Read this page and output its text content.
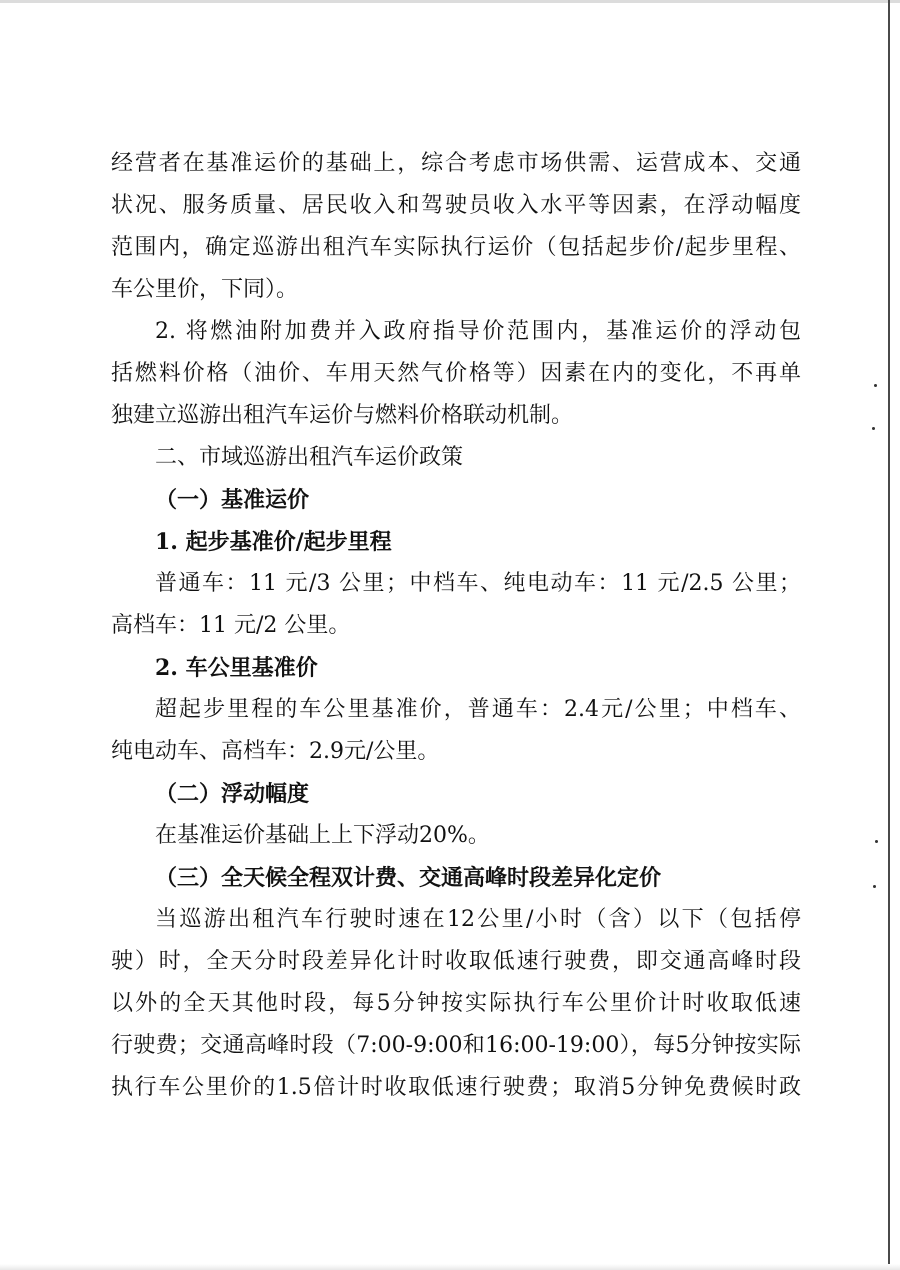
经营者在基准运价的基础上，综合考虑市场供需、运营成本、交通
状况、服务质量、居民收入和驾驶员收入水平等因素，在浮动幅度
范围内，确定巡游出租汽车实际执行运价（包括起步价/起步里程、
车公里价，下同）。
2. 将燃油附加费并入政府指导价范围内，基准运价的浮动包
括燃料价格（油价、车用天然气价格等）因素在内的变化，不再单
独建立巡游出租汽车运价与燃料价格联动机制。
二、市域巡游出租汽车运价政策
（一）基准运价
1. 起步基准价/起步里程
普通车：11 元/3 公里；中档车、纯电动车：11 元/2.5 公里；
高档车：11 元/2 公里。
2. 车公里基准价
超起步里程的车公里基准价，普通车：2.4元/公里；中档车、
纯电动车、高档车：2.9元/公里。
（二）浮动幅度
在基准运价基础上上下浮动20%。
（三）全天候全程双计费、交通高峰时段差异化定价
当巡游出租汽车行驶时速在12公里/小时（含）以下（包括停
驶）时，全天分时段差异化计时收取低速行驶费，即交通高峰时段
以外的全天其他时段，每5分钟按实际执行车公里价计时收取低速
行驶费；交通高峰时段（7:00-9:00和16:00-19:00），每5分钟按实际
执行车公里价的1.5倍计时收取低速行驶费；取消5分钟免费候时政
